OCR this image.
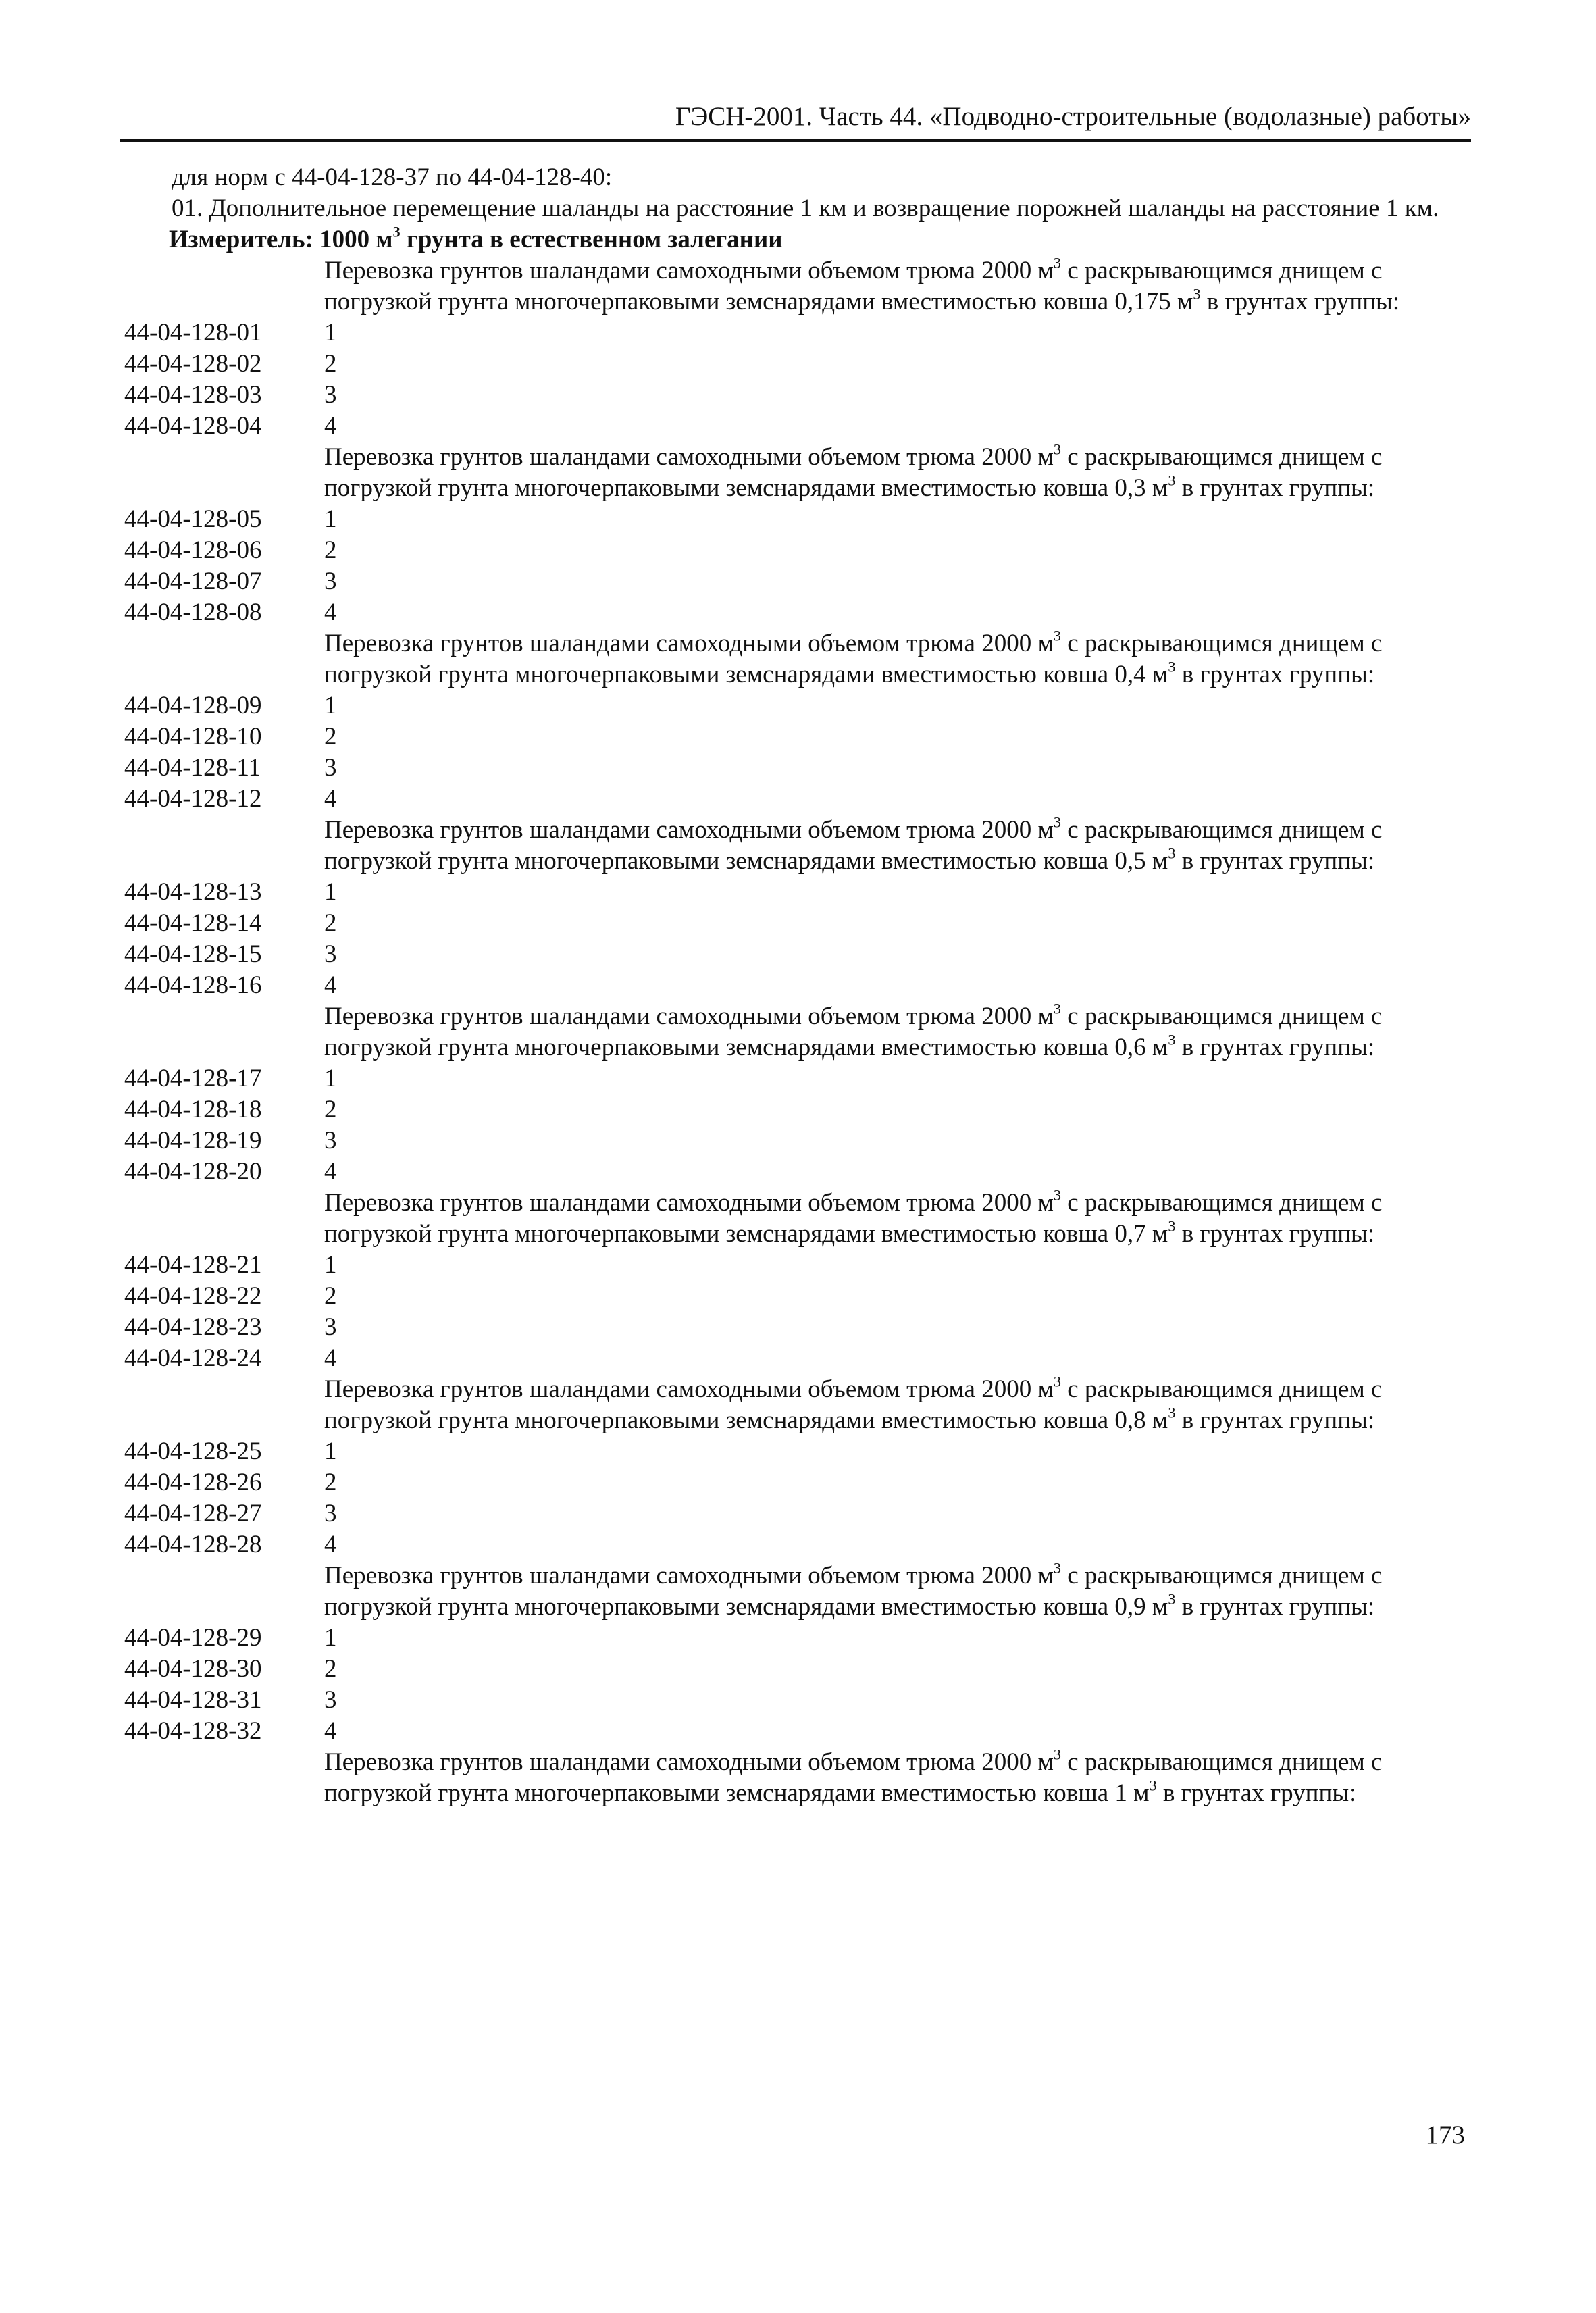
ГЭСН-2001. Часть 44. «Подводно-строительные (водолазные) работы»

для норм с 44-04-128-37 по 44-04-128-40:

01. Дополнительное перемещение шаланды на расстояние 1 км и возвращение порожней шаланды на расстояние 1 км.

Измеритель: 1000 $м^3$ грунта в естественном залегании

Перевозка грунтов шаландами самоходными объемом трюма 2000 $м^3$ с раскрывающимся днищем с погрузкой грунта многочерпаковыми земснарядами вместимостью ковша 0,175 $м^3$ в грунтах группы:

44-04-128-01	1
44-04-128-02	2
44-04-128-03	3
44-04-128-04	4

Перевозка грунтов шаландами самоходными объемом трюма 2000 $м^3$ с раскрывающимся днищем с погрузкой грунта многочерпаковыми земснарядами вместимостью ковша 0,3 $м^3$ в грунтах группы:

44-04-128-05	1
44-04-128-06	2
44-04-128-07	3
44-04-128-08	4

Перевозка грунтов шаландами самоходными объемом трюма 2000 $м^3$ с раскрывающимся днищем с погрузкой грунта многочерпаковыми земснарядами вместимостью ковша 0,4 $м^3$ в грунтах группы:

44-04-128-09	1
44-04-128-10	2
44-04-128-11	3
44-04-128-12	4

Перевозка грунтов шаландами самоходными объемом трюма 2000 $м^3$ с раскрывающимся днищем с погрузкой грунта многочерпаковыми земснарядами вместимостью ковша 0,5 $м^3$ в грунтах группы:

44-04-128-13	1
44-04-128-14	2
44-04-128-15	3
44-04-128-16	4

Перевозка грунтов шаландами самоходными объемом трюма 2000 $м^3$ с раскрывающимся днищем с погрузкой грунта многочерпаковыми земснарядами вместимостью ковша 0,6 $м^3$ в грунтах группы:

44-04-128-17	1
44-04-128-18	2
44-04-128-19	3
44-04-128-20	4

Перевозка грунтов шаландами самоходными объемом трюма 2000 $м^3$ с раскрывающимся днищем с погрузкой грунта многочерпаковыми земснарядами вместимостью ковша 0,7 $м^3$ в грунтах группы:

44-04-128-21	1
44-04-128-22	2
44-04-128-23	3
44-04-128-24	4

Перевозка грунтов шаландами самоходными объемом трюма 2000 $м^3$ с раскрывающимся днищем с погрузкой грунта многочерпаковыми земснарядами вместимостью ковша 0,8 $м^3$ в грунтах группы:

44-04-128-25	1
44-04-128-26	2
44-04-128-27	3
44-04-128-28	4

Перевозка грунтов шаландами самоходными объемом трюма 2000 $м^3$ с раскрывающимся днищем с погрузкой грунта многочерпаковыми земснарядами вместимостью ковша 0,9 $м^3$ в грунтах группы:

44-04-128-29	1
44-04-128-30	2
44-04-128-31	3
44-04-128-32	4

Перевозка грунтов шаландами самоходными объемом трюма 2000 $м^3$ с раскрывающимся днищем с погрузкой грунта многочерпаковыми земснарядами вместимостью ковша 1 $м^3$ в грунтах группы:

173
